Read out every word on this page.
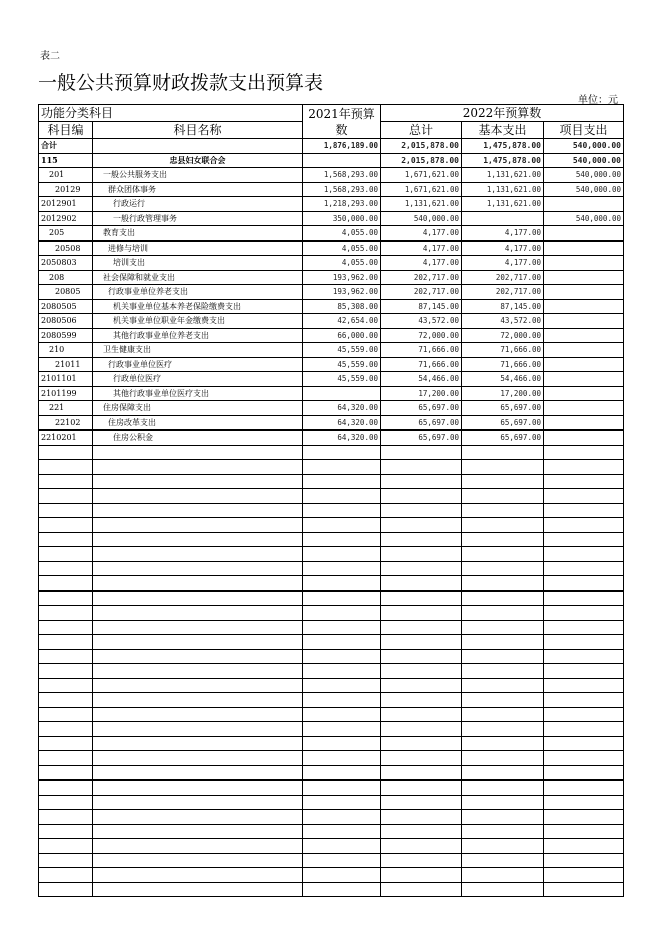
表二
一般公共预算财政拨款支出预算表
单位：元
功能分类科目		2021年预算数	2022年预算数		
科目编	科目名称		总计	基本支出	项目支出
合计		1,876,189.00	2,015,878.00	1,475,878.00	540,000.00
115	忠县妇女联合会		2,015,878.00	1,475,878.00	540,000.00
201	一般公共服务支出	1,568,293.00	1,671,621.00	1,131,621.00	540,000.00
20129	群众团体事务	1,568,293.00	1,671,621.00	1,131,621.00	540,000.00
2012901	行政运行	1,218,293.00	1,131,621.00	1,131,621.00	
2012902	一般行政管理事务	350,000.00	540,000.00		540,000.00
205	教育支出	4,055.00	4,177.00	4,177.00	
20508	进修与培训	4,055.00	4,177.00	4,177.00	
2050803	培训支出	4,055.00	4,177.00	4,177.00	
208	社会保障和就业支出	193,962.00	202,717.00	202,717.00	
20805	行政事业单位养老支出	193,962.00	202,717.00	202,717.00	
2080505	机关事业单位基本养老保险缴费支出	85,308.00	87,145.00	87,145.00	
2080506	机关事业单位职业年金缴费支出	42,654.00	43,572.00	43,572.00	
2080599	其他行政事业单位养老支出	66,000.00	72,000.00	72,000.00	
210	卫生健康支出	45,559.00	71,666.00	71,666.00	
21011	行政事业单位医疗	45,559.00	71,666.00	71,666.00	
2101101	行政单位医疗	45,559.00	54,466.00	54,466.00	
2101199	其他行政事业单位医疗支出		17,200.00	17,200.00	
221	住房保障支出	64,320.00	65,697.00	65,697.00	
22102	住房改革支出	64,320.00	65,697.00	65,697.00	
2210201	住房公积金	64,320.00	65,697.00	65,697.00	
